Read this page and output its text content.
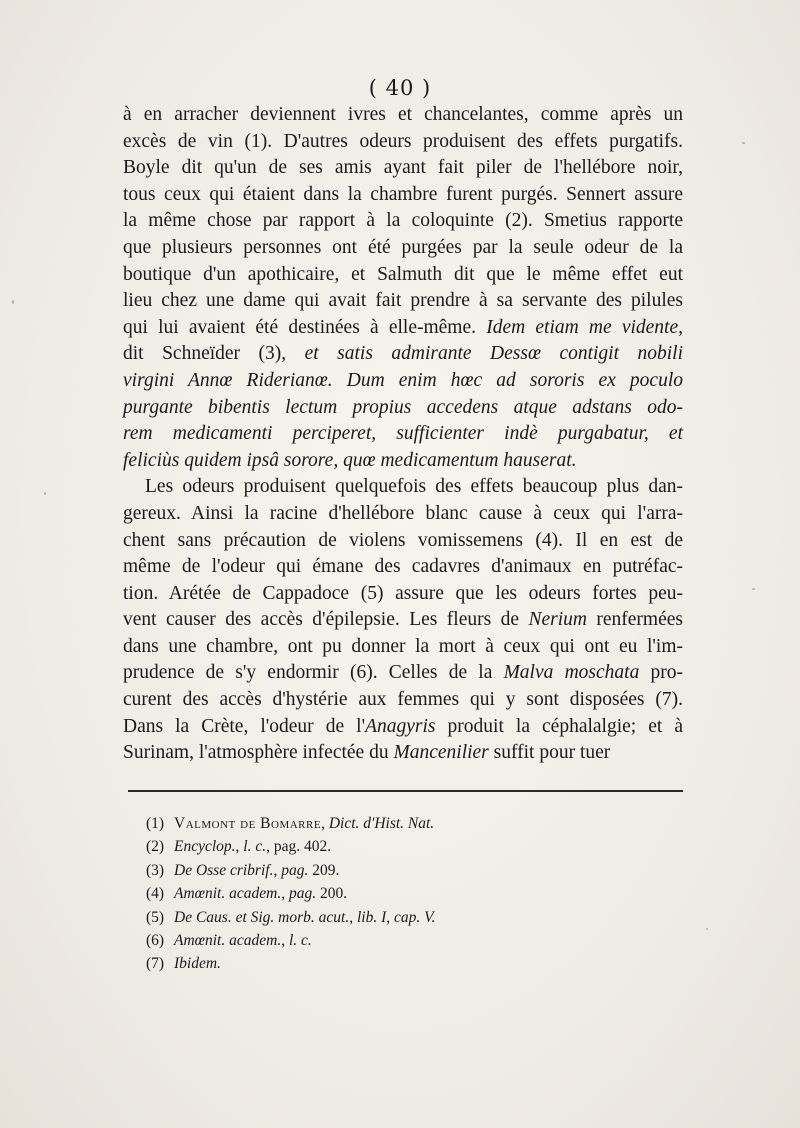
( 40 )
à en arracher deviennent ivres et chancelantes, comme après un
excès de vin (1). D'autres odeurs produisent des effets purgatifs.
Boyle dit qu'un de ses amis ayant fait piler de l'hellébore noir,
tous ceux qui étaient dans la chambre furent purgés. Sennert assure
la même chose par rapport à la coloquinte (2). Smetius rapporte
que plusieurs personnes ont été purgées par la seule odeur de la
boutique d'un apothicaire, et Salmuth dit que le même effet eut
lieu chez une dame qui avait fait prendre à sa servante des pilules
qui lui avaient été destinées à elle-même. Idem etiam me vidente,
dit Schneïder (3), et satis admirante Dessœ contigit nobili
virgini Annœ Riderianœ. Dum enim hœc ad sororis ex poculo
purgante bibentis lectum propius accedens atque adstans odo-
rem medicamenti perciperet, sufficienter indè purgabatur, et
feliciùs quidem ipsâ sorore, quœ medicamentum hauserat.
Les odeurs produisent quelquefois des effets beaucoup plus dan-
gereux. Ainsi la racine d'hellébore blanc cause à ceux qui l'arra-
chent sans précaution de violens vomissemens (4). Il en est de
même de l'odeur qui émane des cadavres d'animaux en putréfac-
tion. Arétée de Cappadoce (5) assure que les odeurs fortes peu-
vent causer des accès d'épilepsie. Les fleurs de Nerium renfermées
dans une chambre, ont pu donner la mort à ceux qui ont eu l'im-
prudence de s'y endormir (6). Celles de la Malva moschata pro-
curent des accès d'hystérie aux femmes qui y sont disposées (7).
Dans la Crète, l'odeur de l'Anagyris produit la céphalalgie; et à
Surinam, l'atmosphère infectée du Mancenilier suffit pour tuer
(1) Valmont de Bomarre, Dict. d'Hist. Nat.
(2) Encyclop., l. c., pag. 402.
(3) De Osse cribrif., pag. 209.
(4) Amœnit. academ., pag. 200.
(5) De Caus. et Sig. morb. acut., lib. I, cap. V.
(6) Amœnit. academ., l. c.
(7) Ibidem.
